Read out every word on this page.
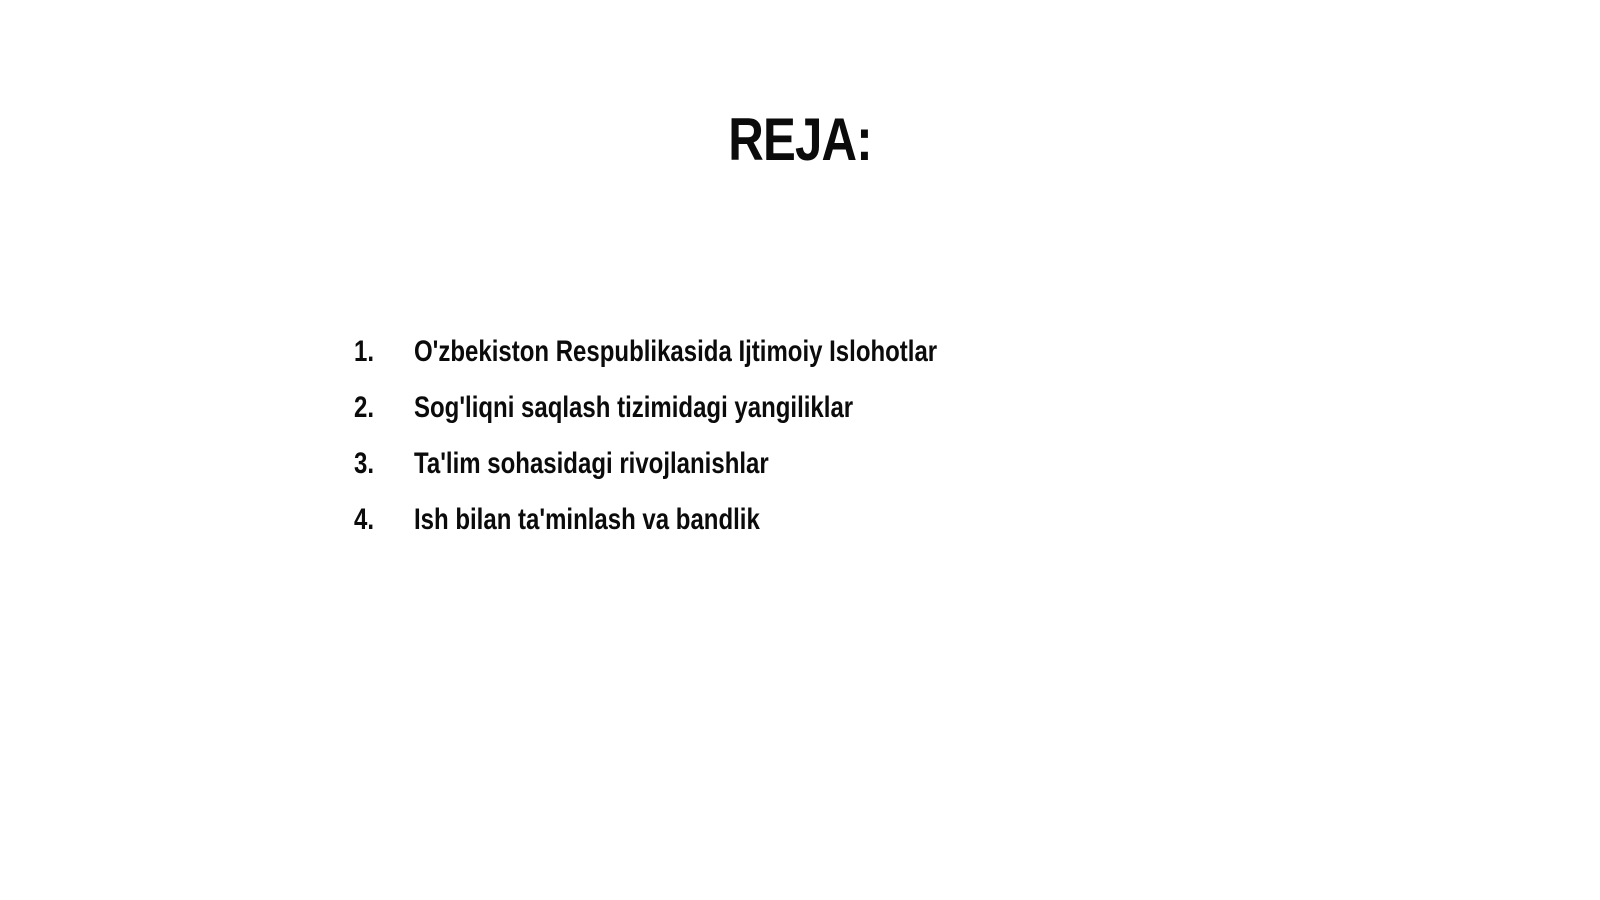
REJA:
1.	O'zbekiston Respublikasida Ijtimoiy Islohotlar
2.	Sog'liqni saqlash tizimidagi yangiliklar
3.	Ta'lim sohasidagi rivojlanishlar
4.	Ish bilan ta'minlash va bandlik
